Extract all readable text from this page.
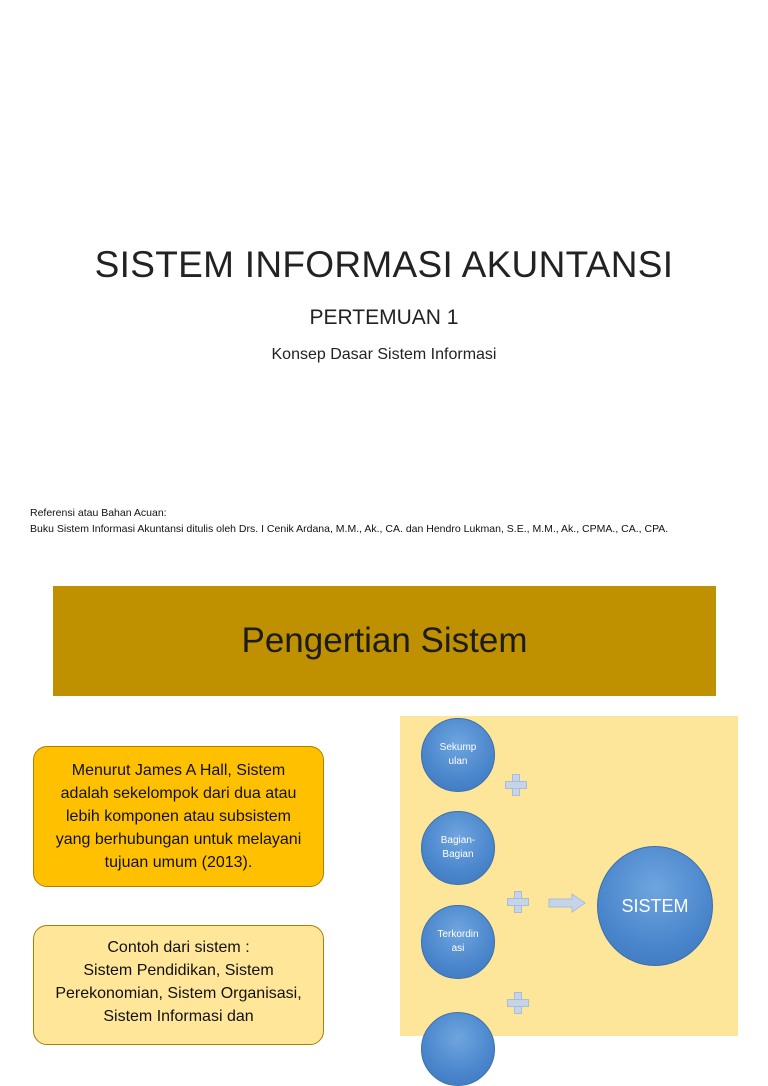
SISTEM INFORMASI AKUNTANSI
PERTEMUAN 1
Konsep Dasar Sistem Informasi
Referensi atau Bahan Acuan:
Buku Sistem Informasi Akuntansi ditulis oleh Drs. I Cenik Ardana, M.M., Ak., CA. dan Hendro Lukman, S.E., M.M., Ak., CPMA., CA., CPA.
Pengertian Sistem

Menurut James A Hall, Sistem adalah sekelompok dari dua atau lebih komponen atau subsistem yang berhubungan untuk melayani tujuan umum (2013).

Contoh dari sistem :

Sistem Pendidikan, Sistem Perekonomian, Sistem Organisasi, Sistem Informasi dan

Sekump ulan
Bagian- Bagian
Terkordin asi
SISTEM
